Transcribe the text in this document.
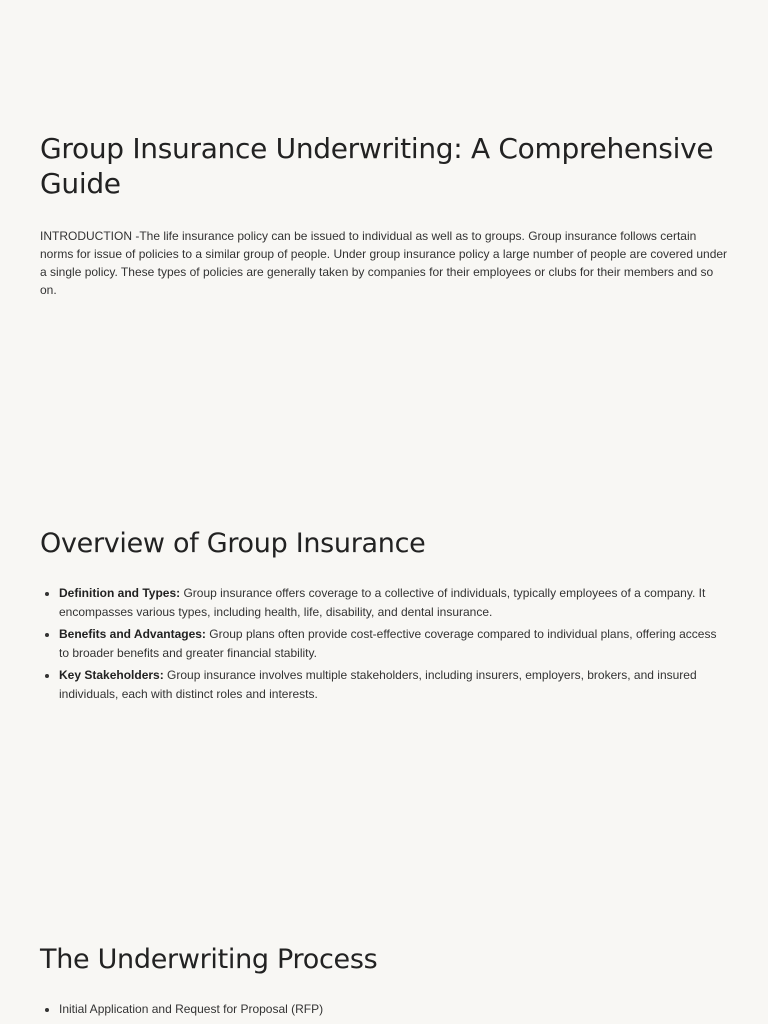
Group Insurance Underwriting: A Comprehensive Guide

INTRODUCTION -The life insurance policy can be issued to individual as well as to groups. Group insurance follows certain norms for issue of policies to a similar group of people. Under group insurance policy a large number of people are covered under a single policy. These types of policies are generally taken by companies for their employees or clubs for their members and so on.

Overview of Group Insurance
• Definition and Types: Group insurance offers coverage to a collective of individuals, typically employees of a company. It encompasses various types, including health, life, disability, and dental insurance.
• Benefits and Advantages: Group plans often provide cost-effective coverage compared to individual plans, offering access to broader benefits and greater financial stability.
• Key Stakeholders: Group insurance involves multiple stakeholders, including insurers, employers, brokers, and insured individuals, each with distinct roles and interests.
The Underwriting Process
• Initial Application and Request for Proposal (RFP)
